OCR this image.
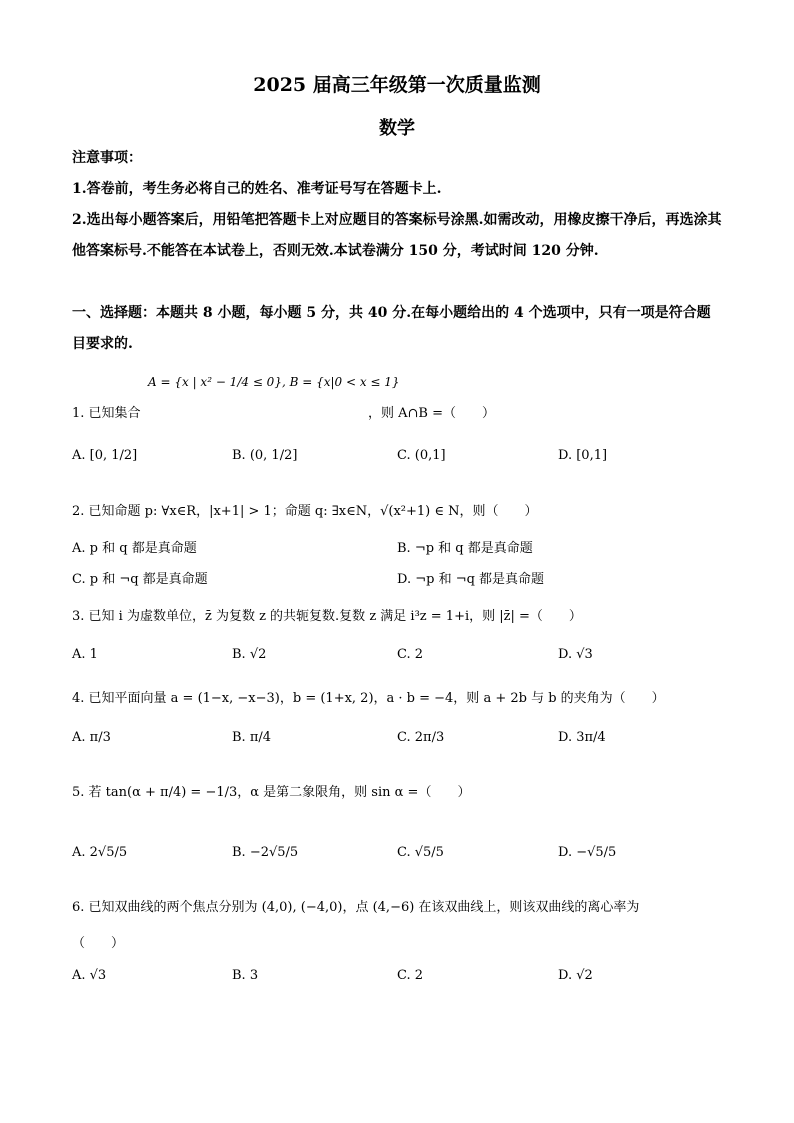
2025 届高三年级第一次质量监测
数学
注意事项：
1.答卷前，考生务必将自己的姓名、准考证号写在答题卡上.
2.选出每小题答案后，用铅笔把答题卡上对应题目的答案标号涂黑.如需改动，用橡皮擦干净后，再选涂其他答案标号.不能答在本试卷上，否则无效.本试卷满分 150 分，考试时间 120 分钟.
一、选择题：本题共 8 小题，每小题 5 分，共 40 分.在每小题给出的 4 个选项中，只有一项是符合题目要求的.
A = {x | x² − 1/4 ≤ 0}, B = {x|0 < x ≤ 1}
1. 已知集合	，则 A∩B =（　　）
A. [0, 1/2]	B. (0, 1/2]	C. (0,1]	D. [0,1]
2. 已知命题 p: ∀x∈R，|x+1| > 1；命题 q: ∃x∈N，√(x²+1) ∈ N，则（　　）
A. p 和 q 都是真命题	B. ¬p 和 q 都是真命题
C. p 和 ¬q 都是真命题	D. ¬p 和 ¬q 都是真命题
3. 已知 i 为虚数单位，z̄ 为复数 z 的共轭复数.复数 z 满足 i³z = 1+i，则 |z̄| =（　　）
A. 1	B. √2	C. 2	D. √3
4. 已知平面向量 a = (1−x, −x−3)，b = (1+x, 2)，a · b = −4，则 a + 2b 与 b 的夹角为（　　）
A. π/3	B. π/4	C. 2π/3	D. 3π/4
5. 若 tan(α + π/4) = −1/3，α 是第二象限角，则 sin α =（　　）
A. 2√5/5	B. −2√5/5	C. √5/5	D. −√5/5
6. 已知双曲线的两个焦点分别为 (4,0), (−4,0)，点 (4,−6) 在该双曲线上，则该双曲线的离心率为
（　　）
A. √3	B. 3	C. 2	D. √2
